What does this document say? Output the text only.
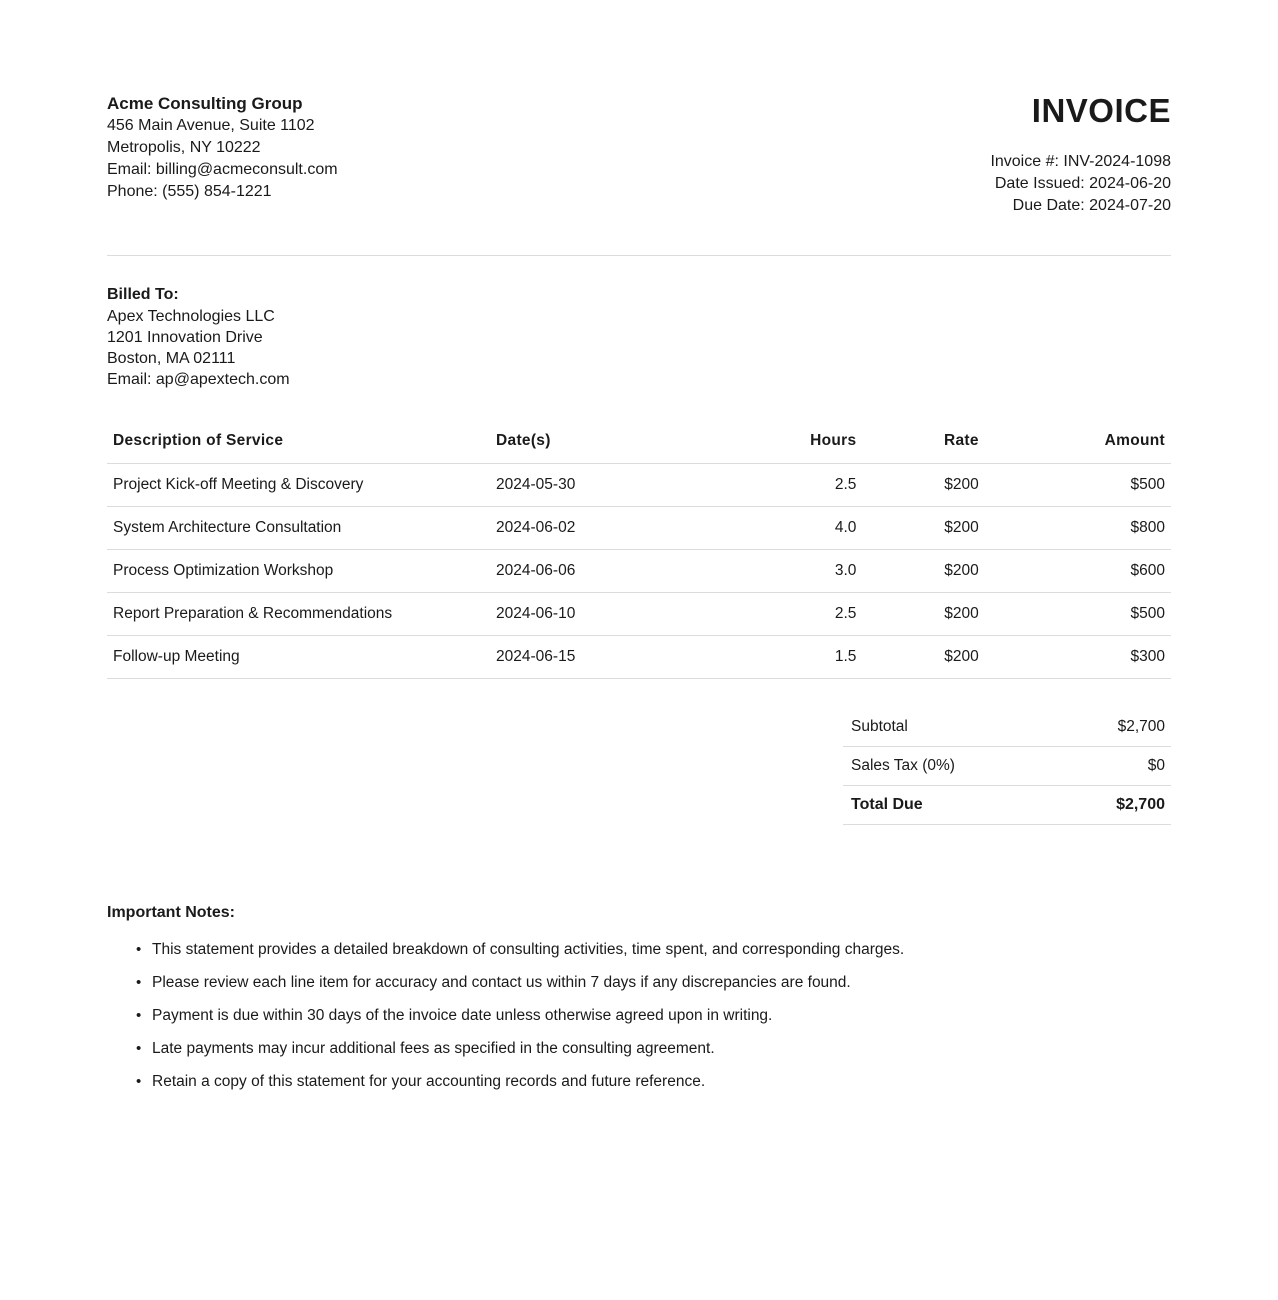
Acme Consulting Group
456 Main Avenue, Suite 1102
Metropolis, NY 10222
Email: billing@acmeconsult.com
Phone: (555) 854-1221
INVOICE
Invoice #: INV-2024-1098
Date Issued: 2024-06-20
Due Date: 2024-07-20
Billed To:
Apex Technologies LLC
1201 Innovation Drive
Boston, MA 02111
Email: ap@apextech.com
Description of Service	Date(s)	Hours	Rate	Amount
Project Kick-off Meeting & Discovery	2024-05-30	2.5	$200	$500
System Architecture Consultation	2024-06-02	4.0	$200	$800
Process Optimization Workshop	2024-06-06	3.0	$200	$600
Report Preparation & Recommendations	2024-06-10	2.5	$200	$500
Follow-up Meeting	2024-06-15	1.5	$200	$300
Subtotal	$2,700
Sales Tax (0%)	$0
Total Due	$2,700
Important Notes:
• This statement provides a detailed breakdown of consulting activities, time spent, and corresponding charges.
• Please review each line item for accuracy and contact us within 7 days if any discrepancies are found.
• Payment is due within 30 days of the invoice date unless otherwise agreed upon in writing.
• Late payments may incur additional fees as specified in the consulting agreement.
• Retain a copy of this statement for your accounting records and future reference.
